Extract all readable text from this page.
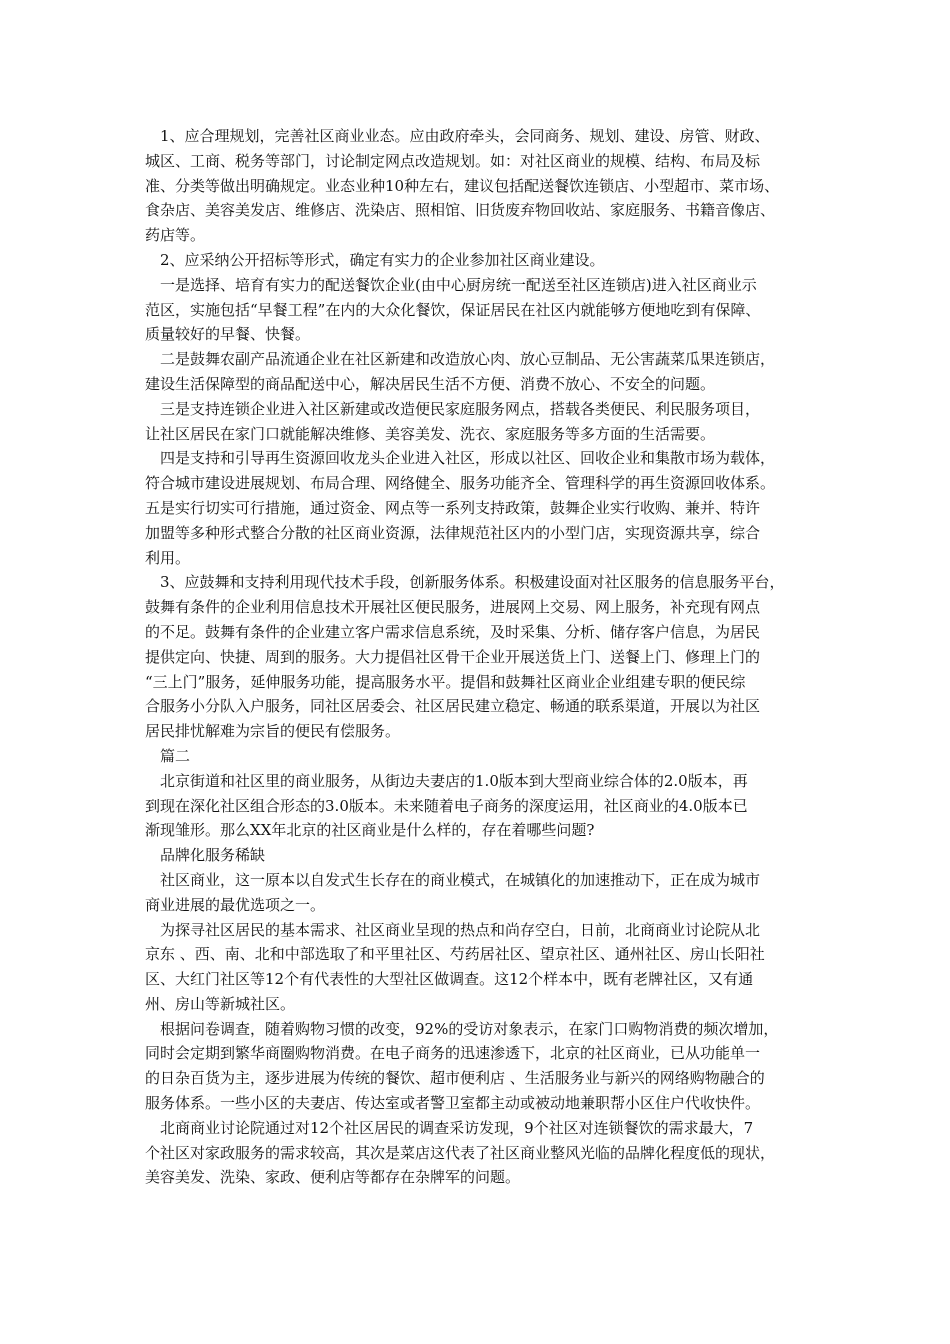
　1、应合理规划，完善社区商业业态。应由政府牵头，会同商务、规划、建设、房管、财政、
城区、工商、税务等部门，讨论制定网点改造规划。如：对社区商业的规模、结构、布局及标
准、分类等做出明确规定。业态业种10种左右，建议包括配送餐饮连锁店、小型超市、菜市场、
食杂店、美容美发店、维修店、洗染店、照相馆、旧货废弃物回收站、家庭服务、书籍音像店、
药店等。
　2、应采纳公开招标等形式，确定有实力的企业参加社区商业建设。
　一是选择、培育有实力的配送餐饮企业(由中心厨房统一配送至社区连锁店)进入社区商业示
范区，实施包括“早餐工程”在内的大众化餐饮，保证居民在社区内就能够方便地吃到有保障、
质量较好的早餐、快餐。
　二是鼓舞农副产品流通企业在社区新建和改造放心肉、放心豆制品、无公害蔬菜瓜果连锁店，
建设生活保障型的商品配送中心，解决居民生活不方便、消费不放心、不安全的问题。
　三是支持连锁企业进入社区新建或改造便民家庭服务网点，搭载各类便民、利民服务项目，
让社区居民在家门口就能解决维修、美容美发、洗衣、家庭服务等多方面的生活需要。
　四是支持和引导再生资源回收龙头企业进入社区，形成以社区、回收企业和集散市场为载体，
符合城市建设进展规划、布局合理、网络健全、服务功能齐全、管理科学的再生资源回收体系。
五是实行切实可行措施，通过资金、网点等一系列支持政策，鼓舞企业实行收购、兼并、特许
加盟等多种形式整合分散的社区商业资源，法律规范社区内的小型门店，实现资源共享，综合
利用。
　3、应鼓舞和支持利用现代技术手段，创新服务体系。积极建设面对社区服务的信息服务平台，
鼓舞有条件的企业利用信息技术开展社区便民服务，进展网上交易、网上服务，补充现有网点
的不足。鼓舞有条件的企业建立客户需求信息系统，及时采集、分析、储存客户信息，为居民
提供定向、快捷、周到的服务。大力提倡社区骨干企业开展送货上门、送餐上门、修理上门的
“三上门”服务，延伸服务功能，提高服务水平。提倡和鼓舞社区商业企业组建专职的便民综
合服务小分队入户服务，同社区居委会、社区居民建立稳定、畅通的联系渠道，开展以为社区
居民排忧解难为宗旨的便民有偿服务。
　篇二
　北京街道和社区里的商业服务，从街边夫妻店的1.0版本到大型商业综合体的2.0版本，再
到现在深化社区组合形态的3.0版本。未来随着电子商务的深度运用，社区商业的4.0版本已
渐现雏形。那么XX年北京的社区商业是什么样的，存在着哪些问题?
　品牌化服务稀缺
　社区商业，这一原本以自发式生长存在的商业模式，在城镇化的加速推动下，正在成为城市
商业进展的最优选项之一。
　为探寻社区居民的基本需求、社区商业呈现的热点和尚存空白，日前，北商商业讨论院从北
京东 、西、南、北和中部选取了和平里社区、芍药居社区、望京社区、通州社区、房山长阳社
区、大红门社区等12个有代表性的大型社区做调查。这12个样本中，既有老牌社区，又有通
州、房山等新城社区。
　根据问卷调查，随着购物习惯的改变，92%的受访对象表示，在家门口购物消费的频次增加，
同时会定期到繁华商圈购物消费。在电子商务的迅速渗透下，北京的社区商业，已从功能单一
的日杂百货为主，逐步进展为传统的餐饮、超市便利店 、生活服务业与新兴的网络购物融合的
服务体系。一些小区的夫妻店、传达室或者警卫室都主动或被动地兼职帮小区住户代收快件。
　北商商业讨论院通过对12个社区居民的调查采访发现，9个社区对连锁餐饮的需求最大，7
个社区对家政服务的需求较高，其次是菜店这代表了社区商业整风光临的品牌化程度低的现状，
美容美发、洗染、家政、便利店等都存在杂牌军的问题。
